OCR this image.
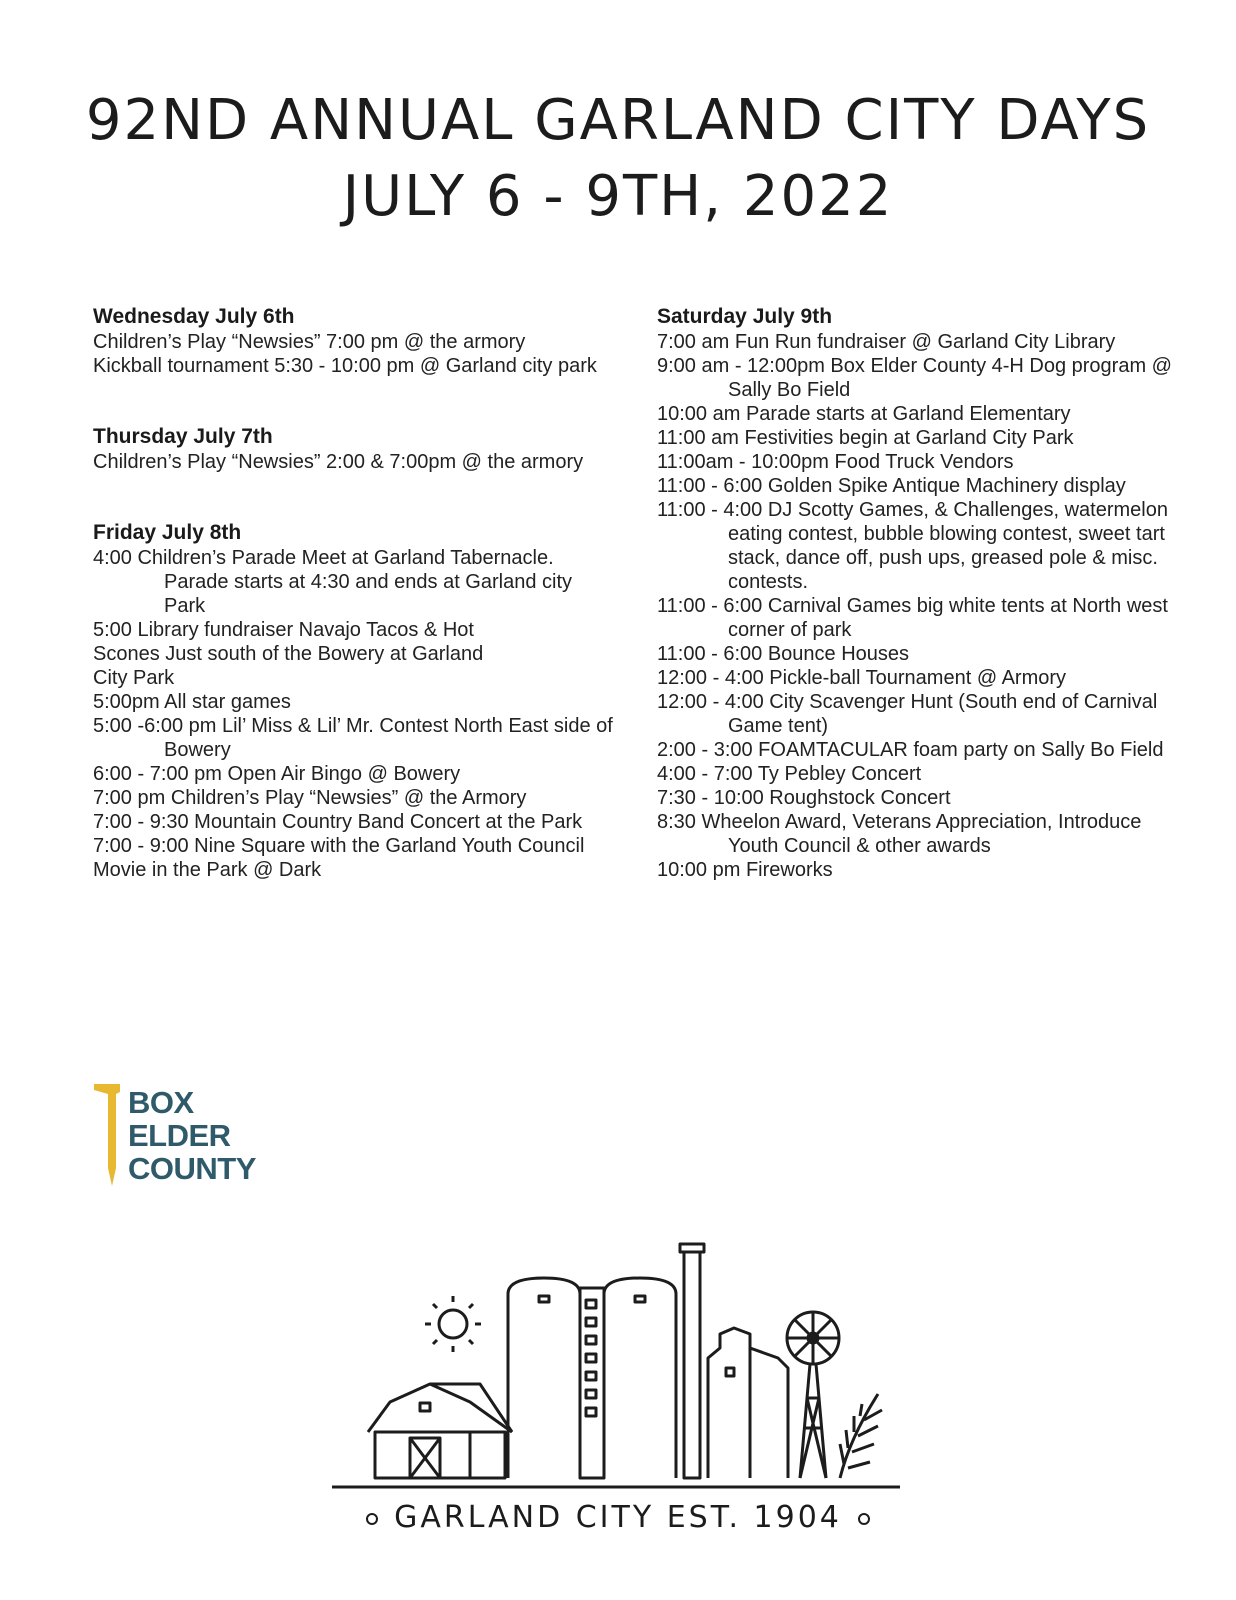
92ND ANNUAL GARLAND CITY DAYS
JULY 6 - 9TH, 2022
Wednesday July 6th
Children’s Play “Newsies” 7:00 pm @ the armory
Kickball tournament 5:30 - 10:00 pm @ Garland city park
Thursday July 7th
Children’s Play “Newsies” 2:00 & 7:00pm @ the armory
Friday July 8th
4:00 Children’s Parade Meet at Garland Tabernacle. Parade starts at 4:30 and ends at Garland city Park
5:00 Library fundraiser Navajo Tacos & Hot Scones Just south of the Bowery at Garland City Park
5:00pm All star games
5:00 -6:00 pm Lil’ Miss & Lil’ Mr. Contest North East side of Bowery
6:00 - 7:00 pm Open Air Bingo @ Bowery
7:00 pm Children’s Play “Newsies” @ the Armory
7:00 - 9:30 Mountain Country Band Concert at the Park
7:00 - 9:00 Nine Square with the Garland Youth Council
Movie in the Park @ Dark
Saturday July 9th
7:00 am Fun Run fundraiser @ Garland City Library
9:00 am - 12:00pm Box Elder County 4-H Dog program @ Sally Bo Field
10:00 am Parade starts at Garland Elementary
11:00 am Festivities begin at Garland City Park
11:00am - 10:00pm Food Truck Vendors
11:00 - 6:00 Golden Spike Antique Machinery display
11:00 - 4:00 DJ Scotty Games, & Challenges, watermelon eating contest, bubble blowing contest, sweet tart stack, dance off, push ups, greased pole & misc. contests.
11:00 - 6:00 Carnival Games big white tents at North west corner of park
11:00 - 6:00 Bounce Houses
12:00 - 4:00 Pickle-ball Tournament @ Armory
12:00 - 4:00 City Scavenger Hunt (South end of Carnival Game tent)
2:00 - 3:00 FOAMTACULAR foam party on Sally Bo Field
4:00 - 7:00 Ty Pebley Concert
7:30 - 10:00 Roughstock Concert
8:30 Wheelon Award, Veterans Appreciation, Introduce Youth Council & other awards
10:00 pm Fireworks
BOX
ELDER
COUNTY
GARLAND CITY EST. 1904
